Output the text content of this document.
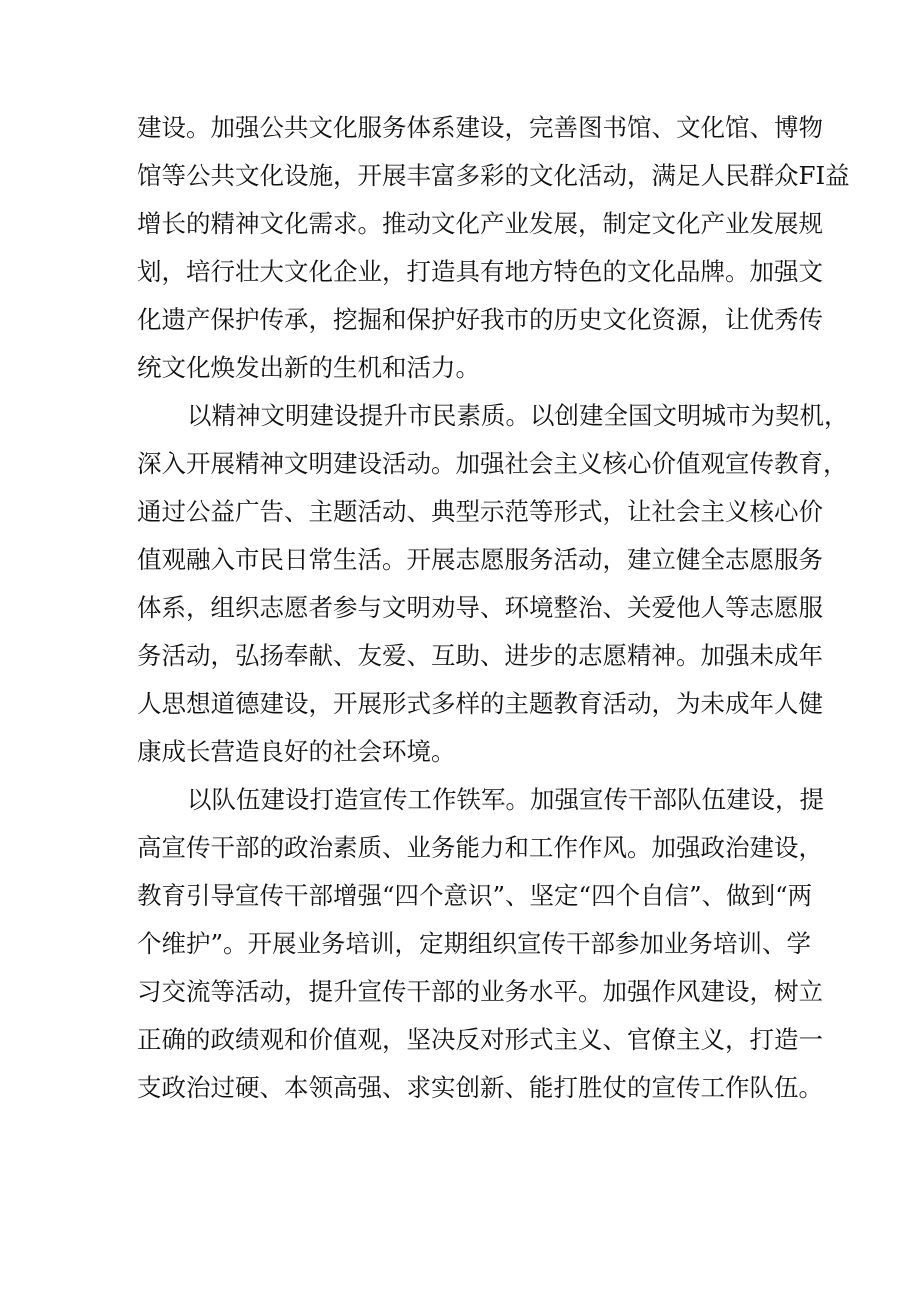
建设。加强公共文化服务体系建设，完善图书馆、文化馆、博物
馆等公共文化设施，开展丰富多彩的文化活动，满足人民群众FI益
增长的精神文化需求。推动文化产业发展，制定文化产业发展规
划，培行壮大文化企业，打造具有地方特色的文化品牌。加强文
化遗产保护传承，挖掘和保护好我市的历史文化资源，让优秀传
统文化焕发出新的生机和活力。
以精神文明建设提升市民素质。以创建全国文明城市为契机，
深入开展精神文明建设活动。加强社会主义核心价值观宣传教育，
通过公益广告、主题活动、典型示范等形式，让社会主义核心价
值观融入市民日常生活。开展志愿服务活动，建立健全志愿服务
体系，组织志愿者参与文明劝导、环境整治、关爱他人等志愿服
务活动，弘扬奉献、友爱、互助、进步的志愿精神。加强未成年
人思想道德建设，开展形式多样的主题教育活动，为未成年人健
康成长营造良好的社会环境。
以队伍建设打造宣传工作铁军。加强宣传干部队伍建设，提
高宣传干部的政治素质、业务能力和工作作风。加强政治建设，
教育引导宣传干部增强“四个意识”、坚定“四个自信”、做到“两
个维护”。开展业务培训，定期组织宣传干部参加业务培训、学
习交流等活动，提升宣传干部的业务水平。加强作风建设，树立
正确的政绩观和价值观，坚决反对形式主义、官僚主义，打造一
支政治过硬、本领高强、求实创新、能打胜仗的宣传工作队伍。
